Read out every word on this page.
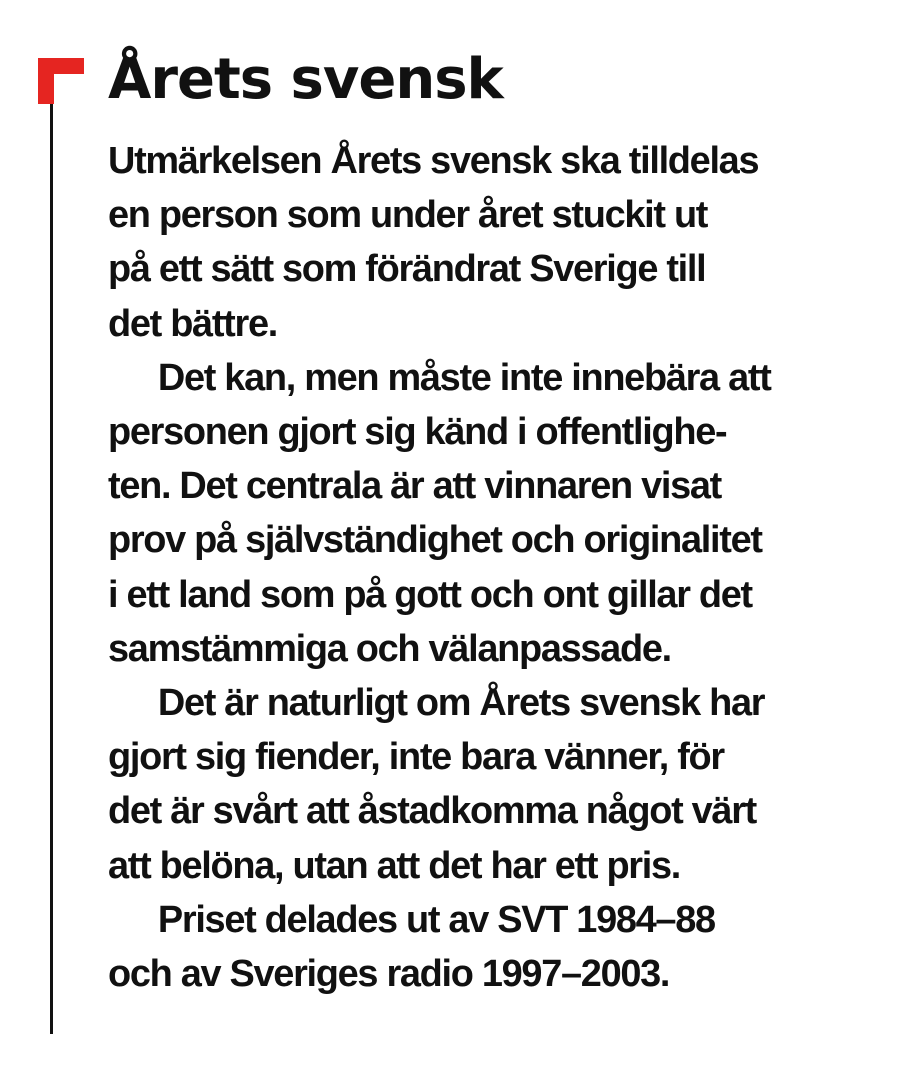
Årets svensk

Utmärkelsen Årets svensk ska tilldelas
en person som under året stuckit ut
på ett sätt som förändrat Sverige till
det bättre.

Det kan, men måste inte innebära att
personen gjort sig känd i offentlighe-
ten. Det centrala är att vinnaren visat
prov på självständighet och originalitet
i ett land som på gott och ont gillar det
samstämmiga och välanpassade.

Det är naturligt om Årets svensk har
gjort sig fiender, inte bara vänner, för
det är svårt att åstadkomma något värt
att belöna, utan att det har ett pris.

Priset delades ut av SVT 1984–88
och av Sveriges radio 1997–2003.
